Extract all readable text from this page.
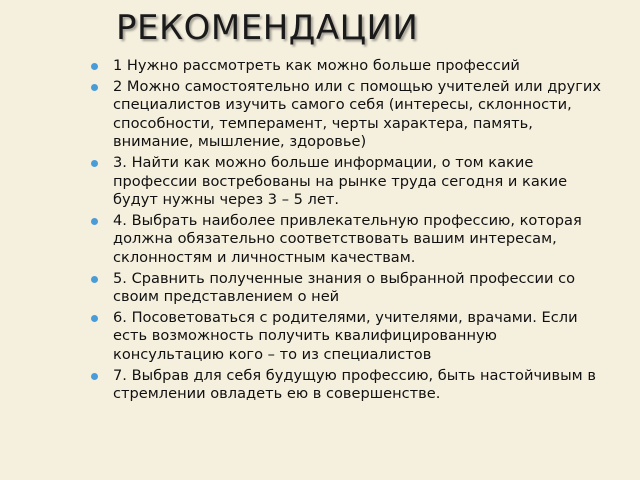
РЕКОМЕНДАЦИИ
1 Нужно рассмотреть как можно больше профессий
2 Можно самостоятельно или с помощью учителей или других специалистов изучить самого себя (интересы, склонности, способности, темперамент, черты характера, память, внимание, мышление, здоровье)
3. Найти как можно больше информации, о том какие профессии востребованы на рынке труда сегодня и какие будут нужны через 3 – 5 лет.
4. Выбрать наиболее привлекательную профессию, которая должна обязательно соответствовать вашим интересам, склонностям и личностным качествам.
5. Сравнить полученные знания о выбранной профессии со своим представлением о ней
6. Посоветоваться с родителями, учителями, врачами. Если есть возможность получить квалифицированную консультацию кого – то из специалистов
7. Выбрав для себя будущую профессию, быть настойчивым в стремлении овладеть ею в совершенстве.
